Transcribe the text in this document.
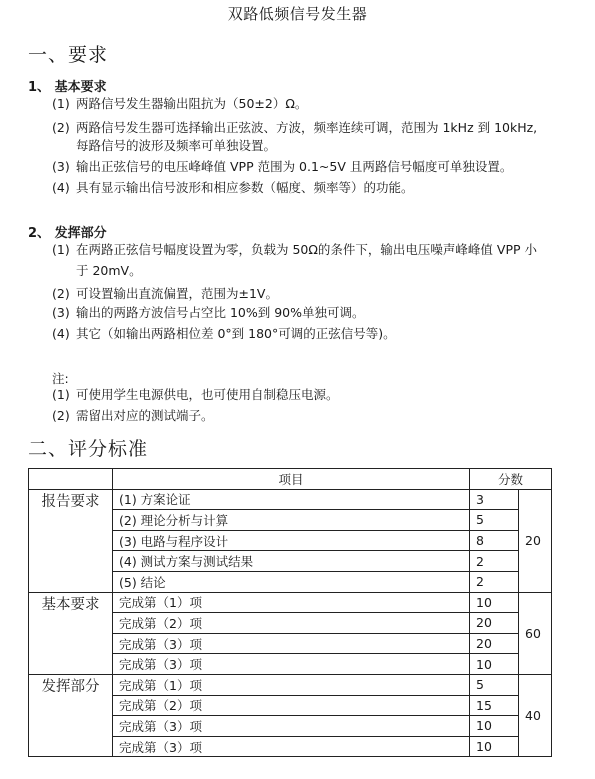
双路低频信号发生器
一、要求
1、 基本要求
(1) 两路信号发生器输出阻抗为（50±2）Ω。
(2) 两路信号发生器可选择输出正弦波、方波，频率连续可调，范围为 1kHz 到 10kHz,
每路信号的波形及频率可单独设置。
(3) 输出正弦信号的电压峰峰值 VPP 范围为 0.1~5V 且两路信号幅度可单独设置。
(4) 具有显示输出信号波形和相应参数（幅度、频率等）的功能。
2、 发挥部分
(1) 在两路正弦信号幅度设置为零，负载为 50Ω的条件下，输出电压噪声峰峰值 VPP 小
于 20mV。
(2) 可设置输出直流偏置，范围为±1V。
(3) 输出的两路方波信号占空比 10%到 90%单独可调。
(4) 其它（如输出两路相位差 0°到 180°可调的正弦信号等)。
注:
(1) 可使用学生电源供电，也可使用自制稳压电源。
(2) 需留出对应的测试端子。
二、评分标准
	项目	分数	
报告要求	(1) 方案论证	3	20
	(2) 理论分析与计算	5	
	(3) 电路与程序设计	8	
	(4) 测试方案与测试结果	2	
	(5) 结论	2	
基本要求	完成第（1）项	10	60
	完成第（2）项	20	
	完成第（3）项	20	
	完成第（3）项	10	
发挥部分	完成第（1）项	5	40
	完成第（2）项	15	
	完成第（3）项	10	
	完成第（3）项	10	
